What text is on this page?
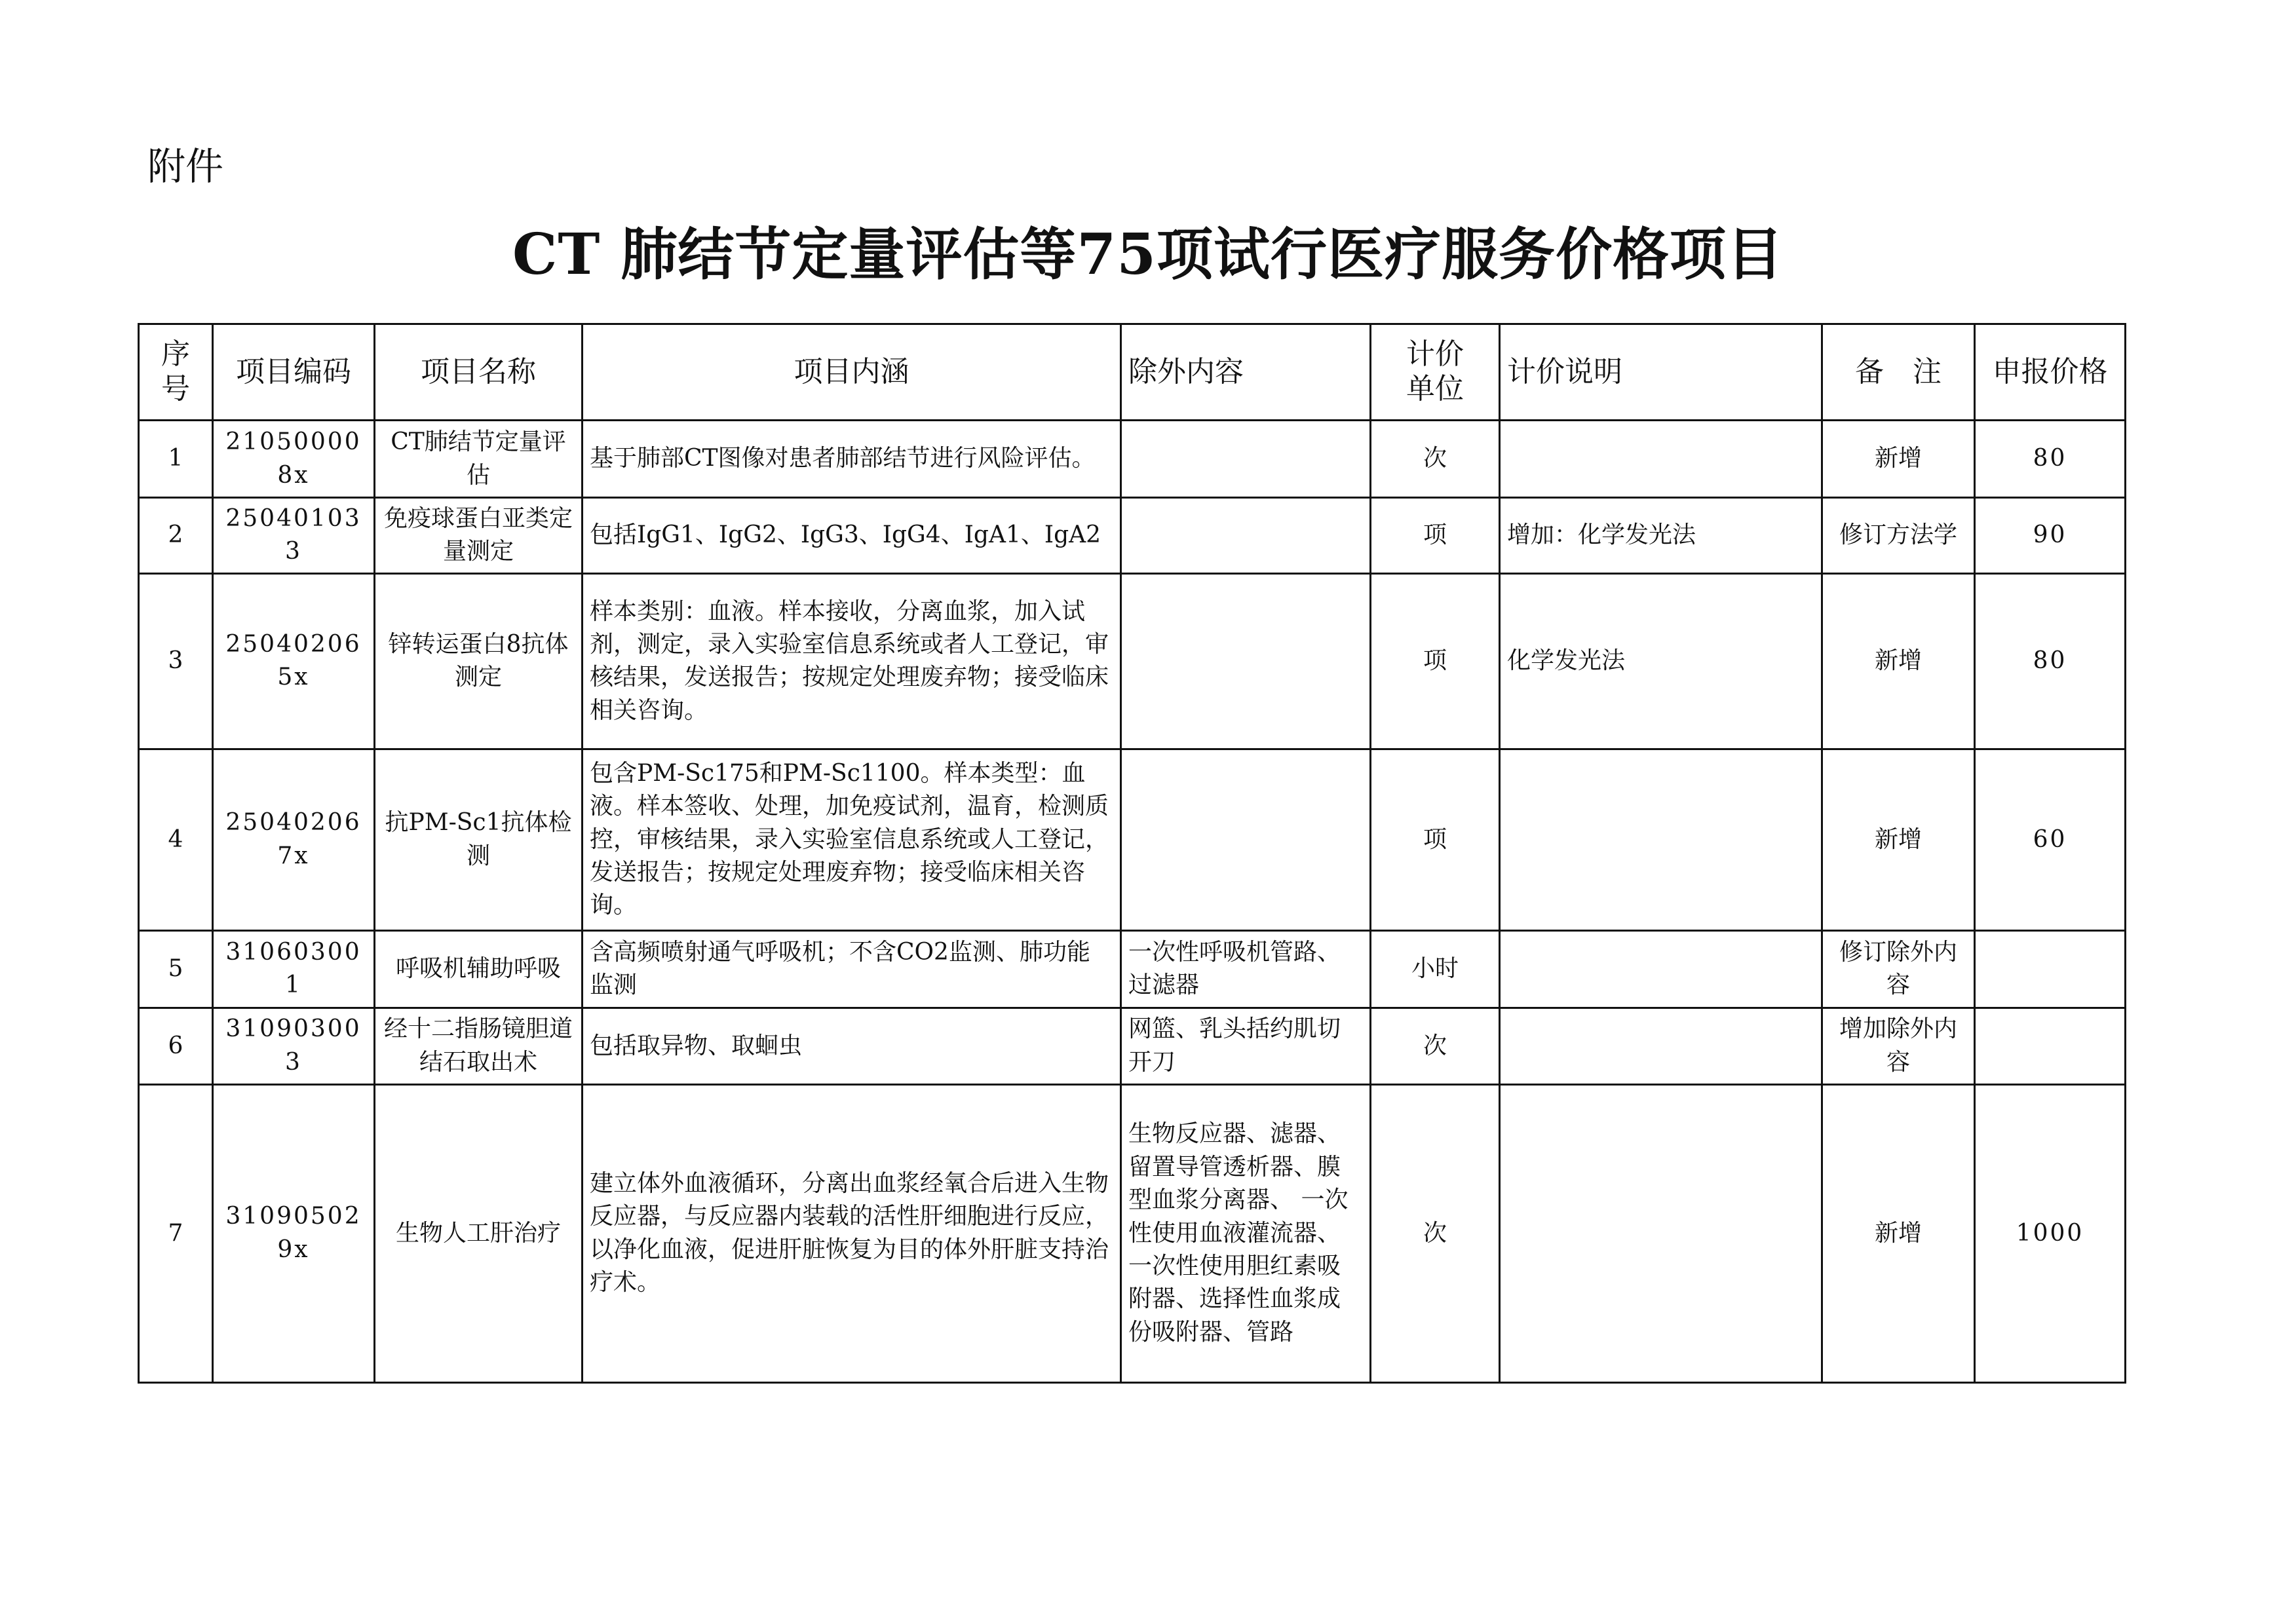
附件
CT 肺结节定量评估等75项试行医疗服务价格项目
序号	项目编码	项目名称	项目内涵	除外内容	计价单位	计价说明	备　注	申报价格
1	210500008x	CT肺结节定量评估	基于肺部CT图像对患者肺部结节进行风险评估。		次		新增	80
2	250401033	免疫球蛋白亚类定量测定	包括IgG1、IgG2、IgG3、IgG4、IgA1、IgA2		项	增加：化学发光法	修订方法学	90
3	250402065x	锌转运蛋白8抗体测定	样本类别：血液。样本接收，分离血浆，加入试剂，测定，录入实验室信息系统或者人工登记，审核结果，发送报告；按规定处理废弃物；接受临床相关咨询。		项	化学发光法	新增	80
4	250402067x	抗PM-Sc1抗体检测	包含PM-Sc175和PM-Sc1100。样本类型：血液。样本签收、处理，加免疫试剂，温育，检测质控，审核结果，录入实验室信息系统或人工登记，发送报告；按规定处理废弃物；接受临床相关咨询。		项		新增	60
5	310603001	呼吸机辅助呼吸	含高频喷射通气呼吸机；不含CO2监测、肺功能监测	一次性呼吸机管路、过滤器	小时		修订除外内容	
6	310903003	经十二指肠镜胆道结石取出术	包括取异物、取蛔虫	网篮、乳头括约肌切开刀	次		增加除外内容	
7	310905029x	生物人工肝治疗	建立体外血液循环，分离出血浆经氧合后进入生物反应器，与反应器内装载的活性肝细胞进行反应，以净化血液，促进肝脏恢复为目的体外肝脏支持治疗术。	生物反应器、滤器、留置导管透析器、膜型血浆分离器、 一次性使用血液灌流器、 一次性使用胆红素吸附器、选择性血浆成份吸附器、管路	次		新增	1000
